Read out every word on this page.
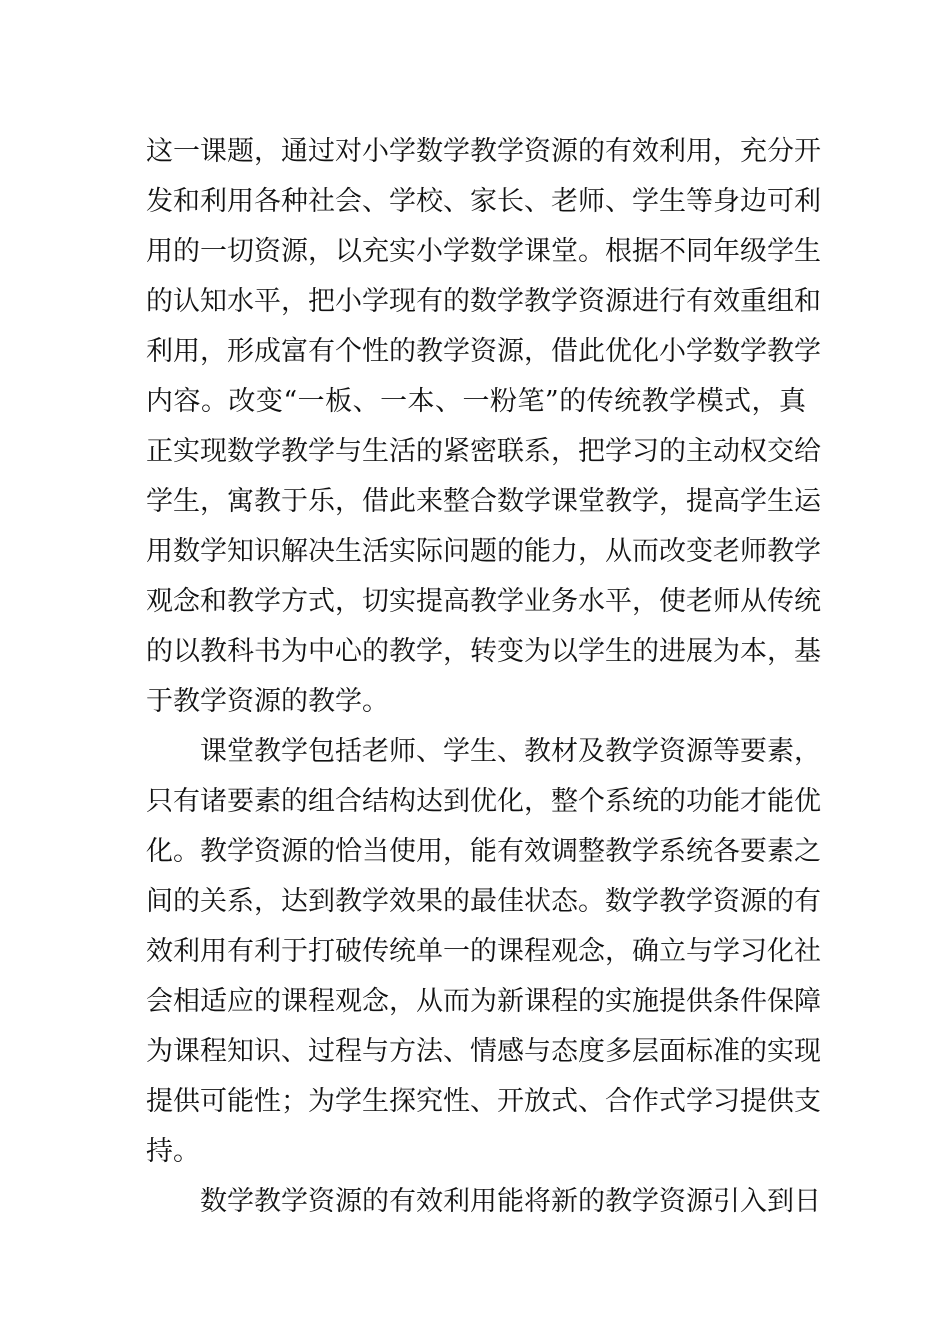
这一课题，通过对小学数学教学资源的有效利用，充分开
发和利用各种社会、学校、家长、老师、学生等身边可利
用的一切资源，以充实小学数学课堂。根据不同年级学生
的认知水平，把小学现有的数学教学资源进行有效重组和
利用，形成富有个性的教学资源，借此优化小学数学教学
内容。改变“一板、一本、一粉笔”的传统教学模式，真
正实现数学教学与生活的紧密联系，把学习的主动权交给
学生，寓教于乐，借此来整合数学课堂教学，提高学生运
用数学知识解决生活实际问题的能力，从而改变老师教学
观念和教学方式，切实提高教学业务水平，使老师从传统
的以教科书为中心的教学，转变为以学生的进展为本，基
于教学资源的教学。
课堂教学包括老师、学生、教材及教学资源等要素，
只有诸要素的组合结构达到优化，整个系统的功能才能优
化。教学资源的恰当使用，能有效调整教学系统各要素之
间的关系，达到教学效果的最佳状态。数学教学资源的有
效利用有利于打破传统单一的课程观念，确立与学习化社
会相适应的课程观念，从而为新课程的实施提供条件保障
为课程知识、过程与方法、情感与态度多层面标准的实现
提供可能性；为学生探究性、开放式、合作式学习提供支
持。
数学教学资源的有效利用能将新的教学资源引入到日
